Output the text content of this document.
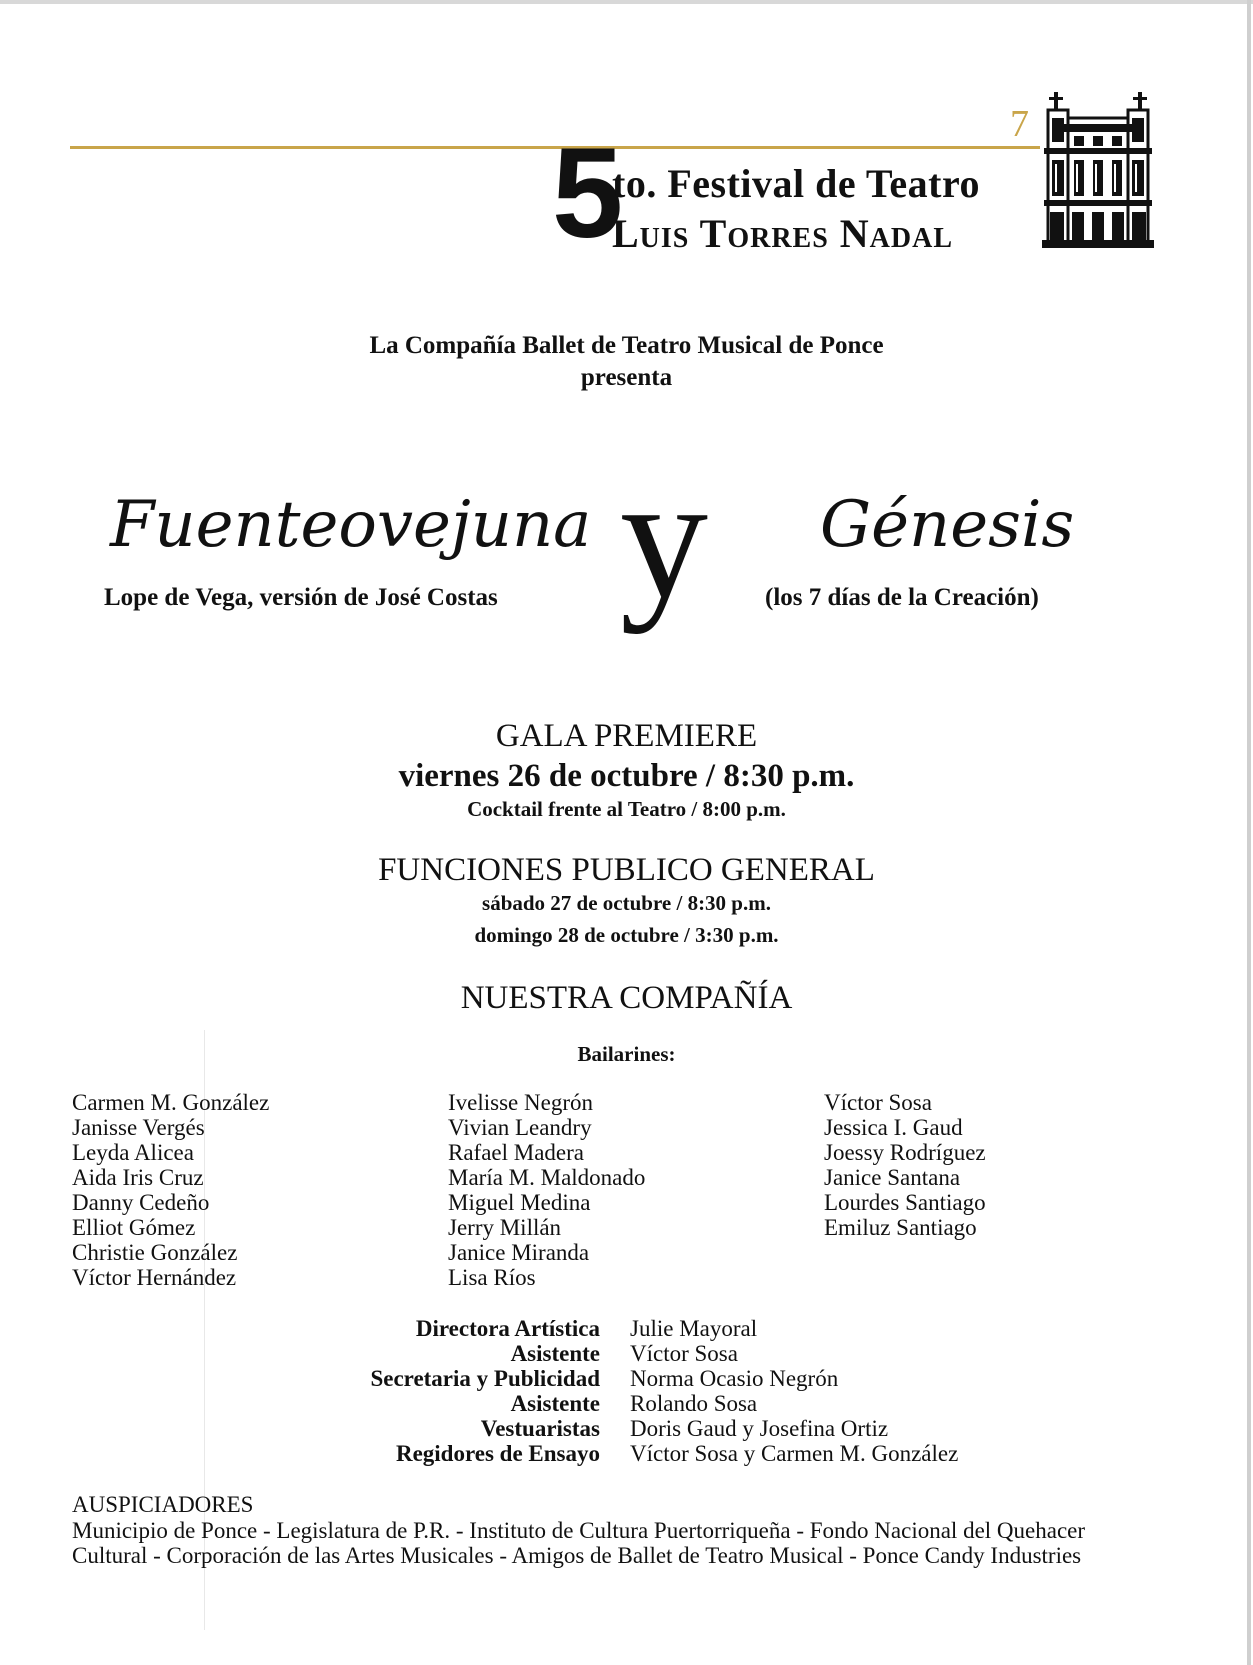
7
5
to. Festival de Teatro
Luis Torres Nadal
La Compañía Ballet de Teatro Musical de Ponce
presenta
Fuenteovejuna
Lope de Vega, versión de José Costas y Génesis
(los 7 días de la Creación)
GALA PREMIERE
viernes 26 de octubre / 8:30 p.m.
Cocktail frente al Teatro / 8:00 p.m.
FUNCIONES PUBLICO GENERAL
sábado 27 de octubre / 8:30 p.m.
domingo 28 de octubre / 3:30 p.m.
NUESTRA COMPAÑÍA
Bailarines:
Carmen M. González
Janisse Vergés
Leyda Alicea
Aida Iris Cruz
Danny Cedeño
Elliot Gómez
Christie González
Víctor Hernández
Ivelisse Negrón
Vivian Leandry
Rafael Madera
María M. Maldonado
Miguel Medina
Jerry Millán
Janice Miranda
Lisa Ríos
Víctor Sosa
Jessica I. Gaud
Joessy Rodríguez
Janice Santana
Lourdes Santiago
Emiluz Santiago
Directora Artística
Asistente
Secretaria y Publicidad
Asistente
Vestuaristas
Regidores de Ensayo
Julie Mayoral
Víctor Sosa
Norma Ocasio Negrón
Rolando Sosa
Doris Gaud y Josefina Ortiz
Víctor Sosa y Carmen M. González
AUSPICIADORES
Municipio de Ponce - Legislatura de P.R. - Instituto de Cultura Puertorriqueña - Fondo Nacional del Quehacer Cultural - Corporación de las Artes Musicales - Amigos de Ballet de Teatro Musical - Ponce Candy Industries
